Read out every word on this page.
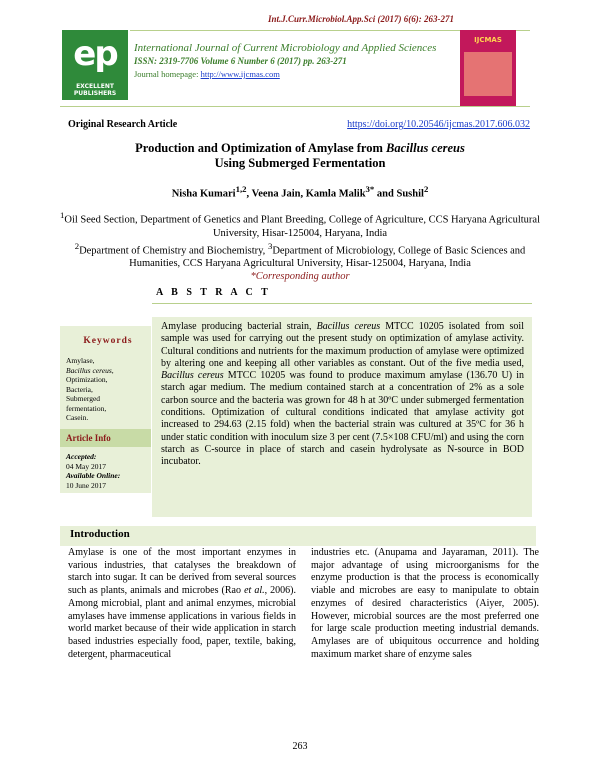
Int.J.Curr.Microbiol.App.Sci (2017) 6(6): 263-271
ep
EXCELLENT PUBLISHERS
International Journal of Current Microbiology and Applied Sciences
ISSN: 2319-7706 Volume 6 Number 6 (2017) pp. 263-271
Journal homepage: http://www.ijcmas.com
IJCMAS
Original Research Article	https://doi.org/10.20546/ijcmas.2017.606.032
Production and Optimization of Amylase from Bacillus cereus
Using Submerged Fermentation
Nisha Kumari$^{1,2}$, Veena Jain, Kamla Malik$^{3*}$ and Sushil$^2$
$^1$Oil Seed Section, Department of Genetics and Plant Breeding, College of Agriculture, CCS Haryana Agricultural University, Hisar-125004, Haryana, India
$^2$Department of Chemistry and Biochemistry, $^3$Department of Microbiology, College of Basic Sciences and Humanities, CCS Haryana Agricultural University, Hisar-125004, Haryana, India
*Corresponding author
A B S T R A C T
Keywords
Amylase,
Bacillus cereus,
Optimization,
Bacteria,
Submerged
fermentation,
Casein.
Article Info
Accepted:
04 May 2017
Available Online:
10 June 2017
Amylase producing bacterial strain, Bacillus cereus MTCC 10205 isolated from soil sample was used for carrying out the present study on optimization of amylase activity. Cultural conditions and nutrients for the maximum production of amylase were optimized by altering one and keeping all other variables as constant. Out of the five media used, Bacillus cereus MTCC 10205 was found to produce maximum amylase (136.70 U) in starch agar medium. The medium contained starch at a concentration of 2% as a sole carbon source and the bacteria was grown for 48 h at 30ºC under submerged fermentation conditions. Optimization of cultural conditions indicated that amylase activity got increased to 294.63 (2.15 fold) when the bacterial strain was cultured at 35ºC for 36 h under static condition with inoculum size 3 per cent (7.5×108 CFU/ml) and using the corn starch as C-source in place of starch and casein hydrolysate as N-source in BOD incubator.
Introduction
Amylase is one of the most important enzymes in various industries, that catalyses the breakdown of starch into sugar. It can be derived from several sources such as plants, animals and microbes (Rao et al., 2006). Among microbial, plant and animal enzymes, microbial amylases have immense applications in various fields in world market because of their wide application in starch based industries especially food, paper, textile, baking, detergent, pharmaceutical
industries etc. (Anupama and Jayaraman, 2011). The major advantage of using microorganisms for the enzyme production is that the process is economically viable and microbes are easy to manipulate to obtain enzymes of desired characteristics (Aiyer, 2005). However, microbial sources are the most preferred one for large scale production meeting industrial demands. Amylases are of ubiquitous occurrence and holding maximum market share of enzyme sales
263
